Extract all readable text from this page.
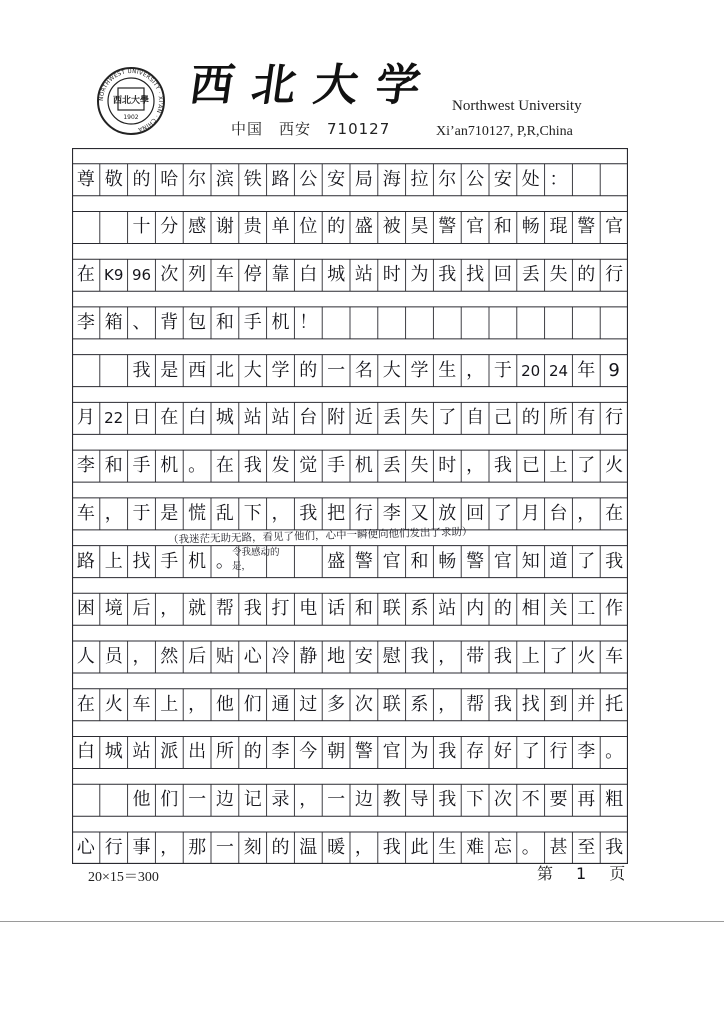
NORTHWEST UNIVERSITY · XI'AN · CHINA
西北大學
1902
西北大学 Northwest University
中国　西安　710127	Xi’an710127, P,R,China
尊 敬 的 哈 尔 滨 铁 路 公 安 局 海 拉 尔 公 安 处 ：
十 分 感 谢 贵 单 位 的 盛 被 昊 警 官 和 畅 琨 警 官
在 K9 96 次 列 车 停 靠 白 城 站 时 为 我 找 回 丢 失 的 行
李 箱 、 背 包 和 手 机 ！
我 是 西 北 大 学 的 一 名 大 学 生 ， 于 20 24 年 9
月 22 日 在 白 城 站 站 台 附 近 丢 失 了 自 己 的 所 有 行
李 和 手 机 。 在 我 发 觉 手 机 丢 失 时 ， 我 已 上 了 火
车 ， 于 是 慌 乱 下 ， 我 把 行 李 又 放 回 了 月 台 ， 在
路 上 找 手 机 。	盛 警 官 和 畅 警 官 知 道 了 我
困 境 后 ， 就 帮 我 打 电 话 和 联 系 站 内 的 相 关 工 作
人 员 ， 然 后 贴 心 冷 静 地 安 慰 我 ， 带 我 上 了 火 车
在 火 车 上 ， 他 们 通 过 多 次 联 系 ， 帮 我 找 到 并 托
白 城 站 派 出 所 的 李 今 朝 警 官 为 我 存 好 了 行 李 。
他 们 一 边 记 录 ， 一 边 教 导 我 下 次 不 要 再 粗
心 行 事 ， 那 一 刻 的 温 暖 ， 我 此 生 难 忘 。 甚 至 我
（我迷茫无助无路，看见了他们，心中一瞬便向他们发出了求助）
令我感动的是，
20×15＝300	第 1 页
